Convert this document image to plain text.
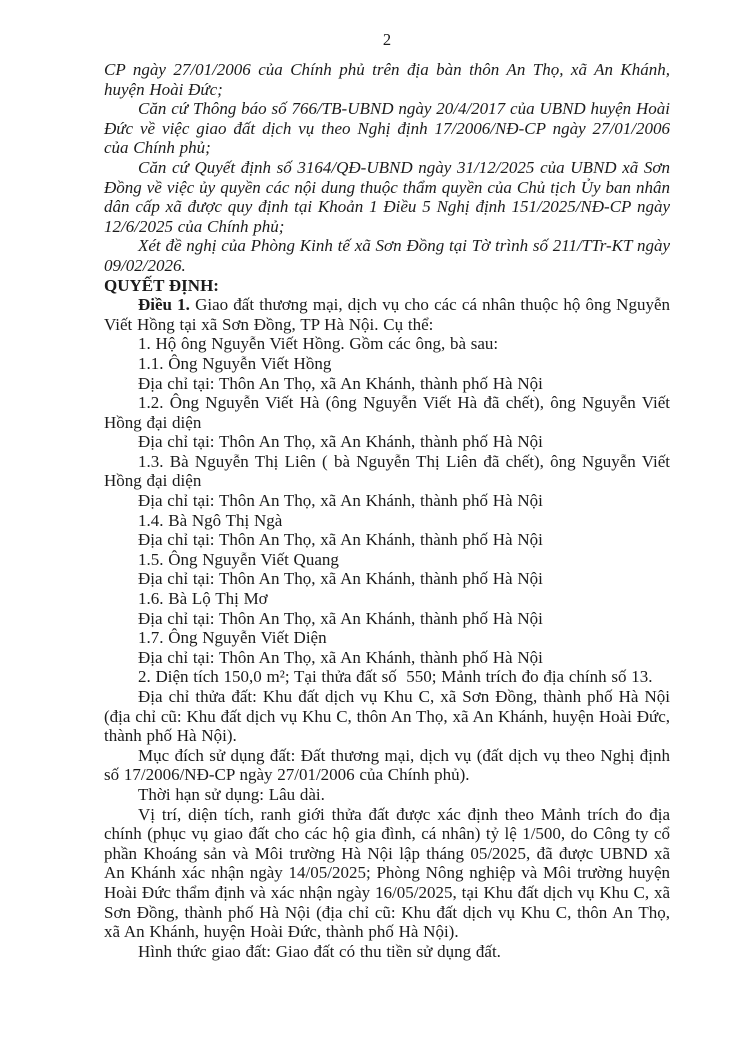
2

CP ngày 27/01/2006 của Chính phủ trên địa bàn thôn An Thọ, xã An Khánh, huyện Hoài Đức;

Căn cứ Thông báo số 766/TB-UBND ngày 20/4/2017 của UBND huyện Hoài Đức về việc giao đất dịch vụ theo Nghị định 17/2006/NĐ-CP ngày 27/01/2006 của Chính phủ;

Căn cứ Quyết định số 3164/QĐ-UBND ngày 31/12/2025 của UBND xã Sơn Đồng về việc ủy quyền các nội dung thuộc thẩm quyền của Chủ tịch Ủy ban nhân dân cấp xã được quy định tại Khoản 1 Điều 5 Nghị định 151/2025/NĐ-CP ngày 12/6/2025 của Chính phủ;

Xét đề nghị của Phòng Kinh tế xã Sơn Đồng tại Tờ trình số 211/TTr-KT ngày 09/02/2026.

QUYẾT ĐỊNH:

Điều 1. Giao đất thương mại, dịch vụ cho các cá nhân thuộc hộ ông Nguyễn Viết Hồng tại xã Sơn Đồng, TP Hà Nội. Cụ thể:

1. Hộ ông Nguyễn Viết Hồng. Gồm các ông, bà sau:

1.1. Ông Nguyễn Viết Hồng

Địa chỉ tại: Thôn An Thọ, xã An Khánh, thành phố Hà Nội

1.2. Ông Nguyễn Viết Hà (ông Nguyễn Viết Hà đã chết), ông Nguyễn Viết Hồng đại diện

Địa chỉ tại: Thôn An Thọ, xã An Khánh, thành phố Hà Nội

1.3. Bà Nguyễn Thị Liên ( bà Nguyễn Thị Liên đã chết), ông Nguyễn Viết Hồng đại diện

Địa chỉ tại: Thôn An Thọ, xã An Khánh, thành phố Hà Nội

1.4. Bà Ngô Thị Ngà

Địa chỉ tại: Thôn An Thọ, xã An Khánh, thành phố Hà Nội

1.5. Ông Nguyễn Viết Quang

Địa chỉ tại: Thôn An Thọ, xã An Khánh, thành phố Hà Nội

1.6. Bà Lộ Thị Mơ

Địa chỉ tại: Thôn An Thọ, xã An Khánh, thành phố Hà Nội

1.7. Ông Nguyễn Viết Diện

Địa chỉ tại: Thôn An Thọ, xã An Khánh, thành phố Hà Nội

2. Diện tích 150,0 m²; Tại thửa đất số  550; Mảnh trích đo địa chính số 13.

Địa chỉ thửa đất: Khu đất dịch vụ Khu C, xã Sơn Đồng, thành phố Hà Nội (địa chỉ cũ: Khu đất dịch vụ Khu C, thôn An Thọ, xã An Khánh, huyện Hoài Đức, thành phố Hà Nội).

Mục đích sử dụng đất: Đất thương mại, dịch vụ (đất dịch vụ theo Nghị định số 17/2006/NĐ-CP ngày 27/01/2006 của Chính phủ).

Thời hạn sử dụng: Lâu dài.

Vị trí, diện tích, ranh giới thửa đất được xác định theo Mảnh trích đo địa chính (phục vụ giao đất cho các hộ gia đình, cá nhân) tỷ lệ 1/500, do Công ty cổ phần Khoáng sản và Môi trường Hà Nội lập tháng 05/2025, đã được UBND xã An Khánh xác nhận ngày 14/05/2025; Phòng Nông nghiệp và Môi trường huyện Hoài Đức thẩm định và xác nhận ngày 16/05/2025, tại Khu đất dịch vụ Khu C, xã Sơn Đồng, thành phố Hà Nội (địa chỉ cũ: Khu đất dịch vụ Khu C, thôn An Thọ, xã An Khánh, huyện Hoài Đức, thành phố Hà Nội).

Hình thức giao đất: Giao đất có thu tiền sử dụng đất.
